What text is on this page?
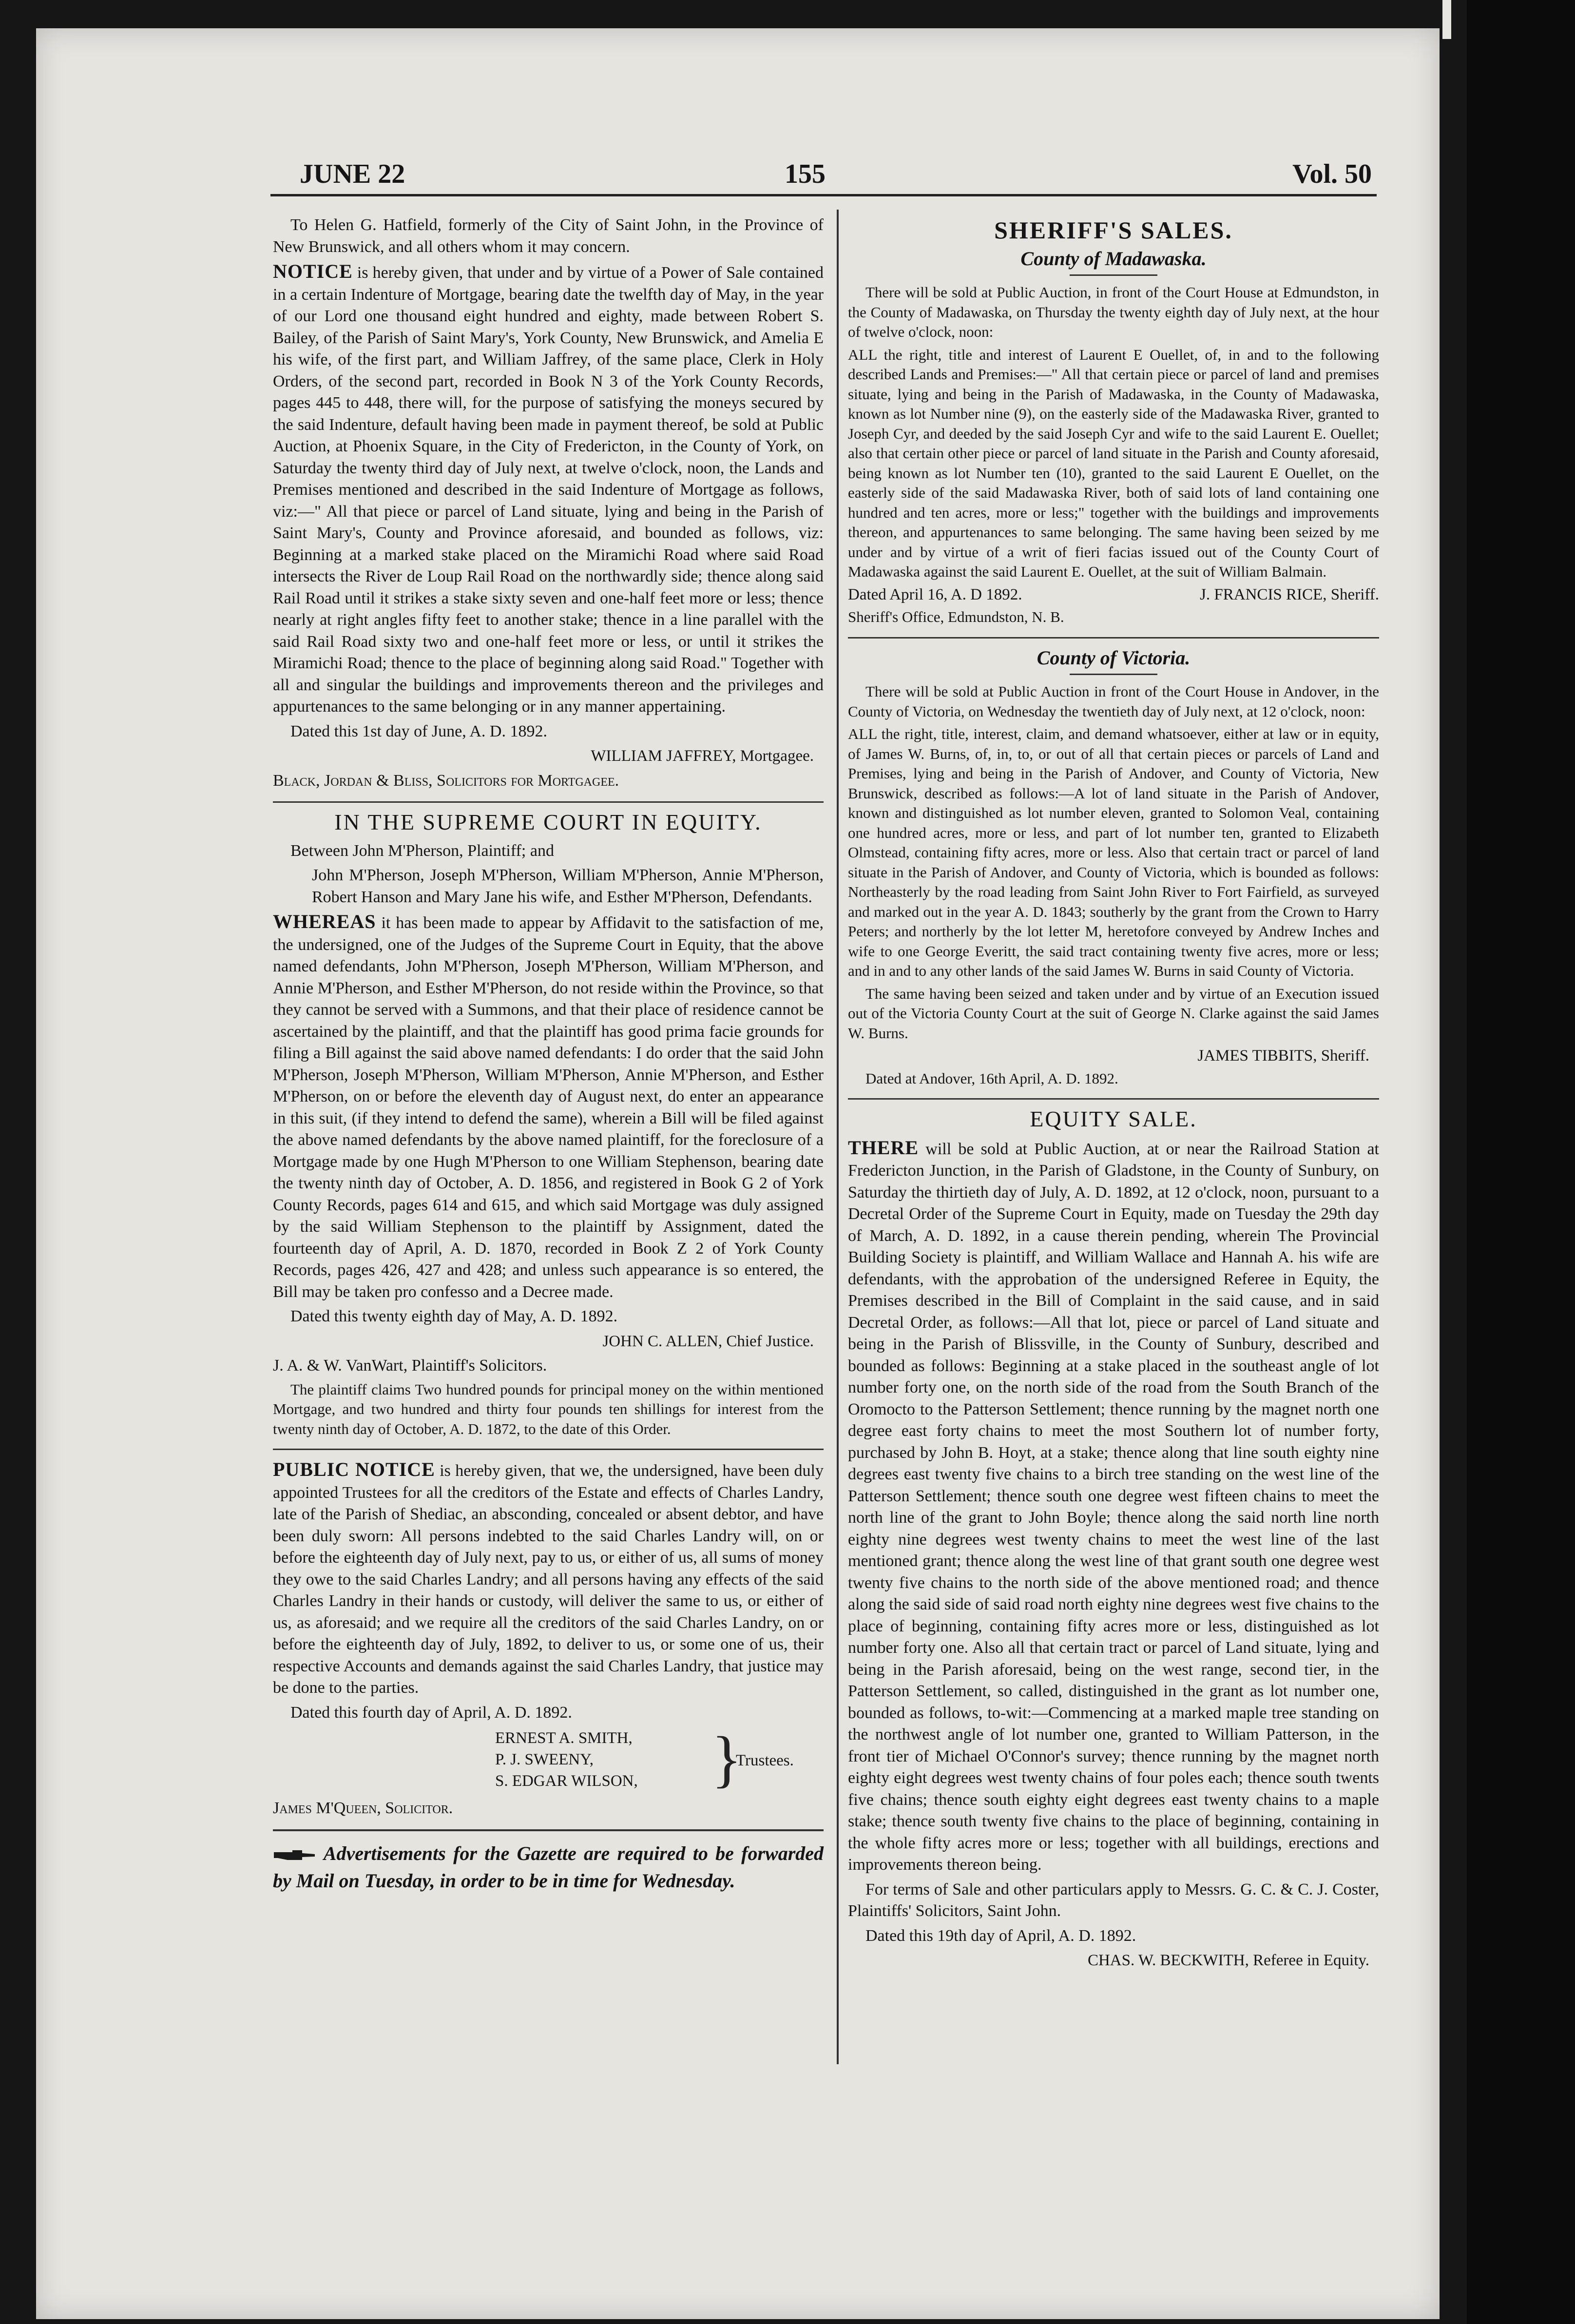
JUNE 22	155	Vol. 50

To Helen G. Hatfield, formerly of the City of Saint John, in the Province of New Brunswick, and all others whom it may concern.

NOTICE is hereby given, that under and by virtue of a Power of Sale contained in a certain Indenture of Mortgage, bearing date the twelfth day of May, in the year of our Lord one thousand eight hundred and eighty, made between Robert S. Bailey, of the Parish of Saint Mary's, York County, New Brunswick, and Amelia E his wife, of the first part, and William Jaffrey, of the same place, Clerk in Holy Orders, of the second part, recorded in Book N 3 of the York County Records, pages 445 to 448, there will, for the purpose of satisfying the moneys secured by the said Indenture, default having been made in payment thereof, be sold at Public Auction, at Phoenix Square, in the City of Fredericton, in the County of York, on Saturday the twenty third day of July next, at twelve o'clock, noon, the Lands and Premises mentioned and described in the said Indenture of Mortgage as follows, viz:—" All that piece or parcel of Land situate, lying and being in the Parish of Saint Mary's, County and Province aforesaid, and bounded as follows, viz: Beginning at a marked stake placed on the Miramichi Road where said Road intersects the River de Loup Rail Road on the northwardly side; thence along said Rail Road until it strikes a stake sixty seven and one-half feet more or less; thence nearly at right angles fifty feet to another stake; thence in a line parallel with the said Rail Road sixty two and one-half feet more or less, or until it strikes the Miramichi Road; thence to the place of beginning along said Road." Together with all and singular the buildings and improvements thereon and the privileges and appurtenances to the same belonging or in any manner appertaining.

Dated this 1st day of June, A. D. 1892.

WILLIAM JAFFREY, Mortgagee.

Black, Jordan & Bliss, Solicitors for Mortgagee.

IN THE SUPREME COURT IN EQUITY.

Between John M'Pherson, Plaintiff; and

John M'Pherson, Joseph M'Pherson, William M'Pherson, Annie M'Pherson, Robert Hanson and Mary Jane his wife, and Esther M'Pherson, Defendants.

WHEREAS it has been made to appear by Affidavit to the satisfaction of me, the undersigned, one of the Judges of the Supreme Court in Equity, that the above named defendants, John M'Pherson, Joseph M'Pherson, William M'Pherson, and Annie M'Pherson, and Esther M'Pherson, do not reside within the Province, so that they cannot be served with a Summons, and that their place of residence cannot be ascertained by the plaintiff, and that the plaintiff has good prima facie grounds for filing a Bill against the said above named defendants: I do order that the said John M'Pherson, Joseph M'Pherson, William M'Pherson, Annie M'Pherson, and Esther M'Pherson, on or before the eleventh day of August next, do enter an appearance in this suit, (if they intend to defend the same), wherein a Bill will be filed against the above named defendants by the above named plaintiff, for the foreclosure of a Mortgage made by one Hugh M'Pherson to one William Stephenson, bearing date the twenty ninth day of October, A. D. 1856, and registered in Book G 2 of York County Records, pages 614 and 615, and which said Mortgage was duly assigned by the said William Stephenson to the plaintiff by Assignment, dated the fourteenth day of April, A. D. 1870, recorded in Book Z 2 of York County Records, pages 426, 427 and 428; and unless such appearance is so entered, the Bill may be taken pro confesso and a Decree made.

Dated this twenty eighth day of May, A. D. 1892.

JOHN C. ALLEN, Chief Justice.

J. A. & W. VanWart, Plaintiff's Solicitors.

The plaintiff claims Two hundred pounds for principal money on the within mentioned Mortgage, and two hundred and thirty four pounds ten shillings for interest from the twenty ninth day of October, A. D. 1872, to the date of this Order.

PUBLIC NOTICE is hereby given, that we, the undersigned, have been duly appointed Trustees for all the creditors of the Estate and effects of Charles Landry, late of the Parish of Shediac, an absconding, concealed or absent debtor, and have been duly sworn: All persons indebted to the said Charles Landry will, on or before the eighteenth day of July next, pay to us, or either of us, all sums of money they owe to the said Charles Landry; and all persons having any effects of the said Charles Landry in their hands or custody, will deliver the same to us, or either of us, as aforesaid; and we require all the creditors of the said Charles Landry, on or before the eighteenth day of July, 1892, to deliver to us, or some one of us, their respective Accounts and demands against the said Charles Landry, that justice may be done to the parties.

Dated this fourth day of April, A. D. 1892.

ERNEST A. SMITH,
P. J. SWEENY,
S. EDGAR WILSON, }
Trustees.

James M'Queen, Solicitor.

Advertisements for the Gazette are required to be forwarded by Mail on Tuesday, in order to be in time for Wednesday.
SHERIFF'S SALES.
County of Madawaska.

There will be sold at Public Auction, in front of the Court House at Edmundston, in the County of Madawaska, on Thursday the twenty eighth day of July next, at the hour of twelve o'clock, noon:

ALL the right, title and interest of Laurent E Ouellet, of, in and to the following described Lands and Premises:—" All that certain piece or parcel of land and premises situate, lying and being in the Parish of Madawaska, in the County of Madawaska, known as lot Number nine (9), on the easterly side of the Madawaska River, granted to Joseph Cyr, and deeded by the said Joseph Cyr and wife to the said Laurent E. Ouellet; also that certain other piece or parcel of land situate in the Parish and County aforesaid, being known as lot Number ten (10), granted to the said Laurent E Ouellet, on the easterly side of the said Madawaska River, both of said lots of land containing one hundred and ten acres, more or less;" together with the buildings and improvements thereon, and appurtenances to same belonging. The same having been seized by me under and by virtue of a writ of fieri facias issued out of the County Court of Madawaska against the said Laurent E. Ouellet, at the suit of William Balmain.

Dated April 16, A. D 1892.	J. FRANCIS RICE, Sheriff.

Sheriff's Office, Edmundston, N. B.

County of Victoria.

There will be sold at Public Auction in front of the Court House in Andover, in the County of Victoria, on Wednesday the twentieth day of July next, at 12 o'clock, noon:

ALL the right, title, interest, claim, and demand whatsoever, either at law or in equity, of James W. Burns, of, in, to, or out of all that certain pieces or parcels of Land and Premises, lying and being in the Parish of Andover, and County of Victoria, New Brunswick, described as follows:—A lot of land situate in the Parish of Andover, known and distinguished as lot number eleven, granted to Solomon Veal, containing one hundred acres, more or less, and part of lot number ten, granted to Elizabeth Olmstead, containing fifty acres, more or less. Also that certain tract or parcel of land situate in the Parish of Andover, and County of Victoria, which is bounded as follows: Northeasterly by the road leading from Saint John River to Fort Fairfield, as surveyed and marked out in the year A. D. 1843; southerly by the grant from the Crown to Harry Peters; and northerly by the lot letter M, heretofore conveyed by Andrew Inches and wife to one George Everitt, the said tract containing twenty five acres, more or less; and in and to any other lands of the said James W. Burns in said County of Victoria.

The same having been seized and taken under and by virtue of an Execution issued out of the Victoria County Court at the suit of George N. Clarke against the said James W. Burns.

JAMES TIBBITS, Sheriff.

Dated at Andover, 16th April, A. D. 1892.

EQUITY SALE.

THERE will be sold at Public Auction, at or near the Railroad Station at Fredericton Junction, in the Parish of Gladstone, in the County of Sunbury, on Saturday the thirtieth day of July, A. D. 1892, at 12 o'clock, noon, pursuant to a Decretal Order of the Supreme Court in Equity, made on Tuesday the 29th day of March, A. D. 1892, in a cause therein pending, wherein The Provincial Building Society is plaintiff, and William Wallace and Hannah A. his wife are defendants, with the approbation of the undersigned Referee in Equity, the Premises described in the Bill of Complaint in the said cause, and in said Decretal Order, as follows:—All that lot, piece or parcel of Land situate and being in the Parish of Blissville, in the County of Sunbury, described and bounded as follows: Beginning at a stake placed in the southeast angle of lot number forty one, on the north side of the road from the South Branch of the Oromocto to the Patterson Settlement; thence running by the magnet north one degree east forty chains to meet the most Southern lot of number forty, purchased by John B. Hoyt, at a stake; thence along that line south eighty nine degrees east twenty five chains to a birch tree standing on the west line of the Patterson Settlement; thence south one degree west fifteen chains to meet the north line of the grant to John Boyle; thence along the said north line north eighty nine degrees west twenty chains to meet the west line of the last mentioned grant; thence along the west line of that grant south one degree west twenty five chains to the north side of the above mentioned road; and thence along the said side of said road north eighty nine degrees west five chains to the place of beginning, containing fifty acres more or less, distinguished as lot number forty one. Also all that certain tract or parcel of Land situate, lying and being in the Parish aforesaid, being on the west range, second tier, in the Patterson Settlement, so called, distinguished in the grant as lot number one, bounded as follows, to-wit:—Commencing at a marked maple tree standing on the northwest angle of lot number one, granted to William Patterson, in the front tier of Michael O'Connor's survey; thence running by the magnet north eighty eight degrees west twenty chains of four poles each; thence south twents five chains; thence south eighty eight degrees east twenty chains to a maple stake; thence south twenty five chains to the place of beginning, containing in the whole fifty acres more or less; together with all buildings, erections and improvements thereon being.

For terms of Sale and other particulars apply to Messrs. G. C. & C. J. Coster, Plaintiffs' Solicitors, Saint John.

Dated this 19th day of April, A. D. 1892.

CHAS. W. BECKWITH, Referee in Equity.
